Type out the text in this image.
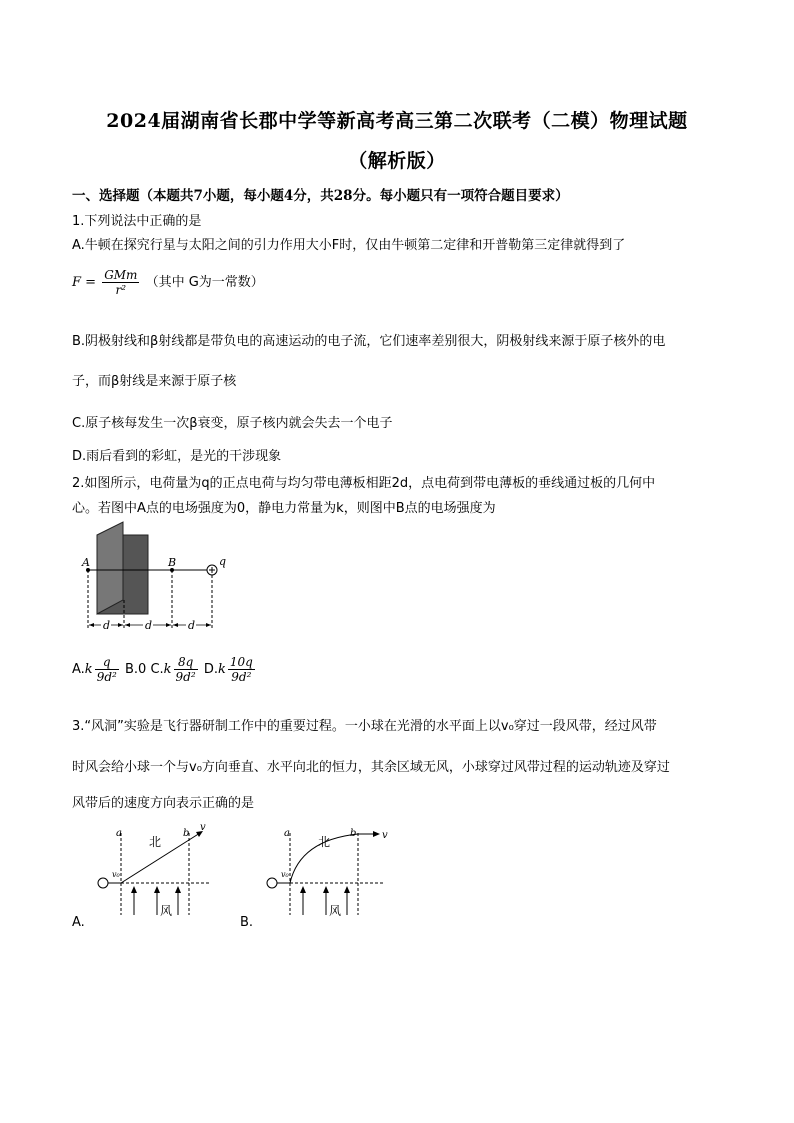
2024届湖南省长郡中学等新高考高三第二次联考（二模）物理试题
（解析版）
一、选择题（本题共7小题，每小题4分，共28分。每小题只有一项符合题目要求）
1.下列说法中正确的是
A.牛顿在探究行星与太阳之间的引力作用大小F时，仅由牛顿第二定律和开普勒第三定律就得到了
$F = \frac{\text{GMm}}{\text{r²}}$ （其中 G为一常数）
B.阴极射线和β射线都是带负电的高速运动的电子流，它们速率差别很大，阴极射线来源于原子核外的电
子，而β射线是来源于原子核
C.原子核每发生一次β衰变，原子核内就会失去一个电子
D.雨后看到的彩虹，是光的干涉现象
2.如图所示，电荷量为q的正点电荷与均匀带电薄板相距2d，点电荷到带电薄板的垂线通过板的几何中
心。若图中A点的电场强度为0，静电力常量为k，则图中B点的电场强度为
A	B	q
d	d	d
$A.k \frac{q}{\text{9d²}} B.0$ $C.k \frac{8q}{\text{9d²}} D.k \frac{10q}{\text{9d²}}$
3.“风洞”实验是飞行器研制工作中的重要过程。一小球在光滑的水平面上以v₀穿过一段风带，经过风带
时风会给小球一个与v₀方向垂直、水平向北的恒力，其余区域无风，小球穿过风带过程的运动轨迹及穿过
风带后的速度方向表示正确的是
a	b
北
v₀
v
风
a	b
北
v₀
v
风
A.	B.
